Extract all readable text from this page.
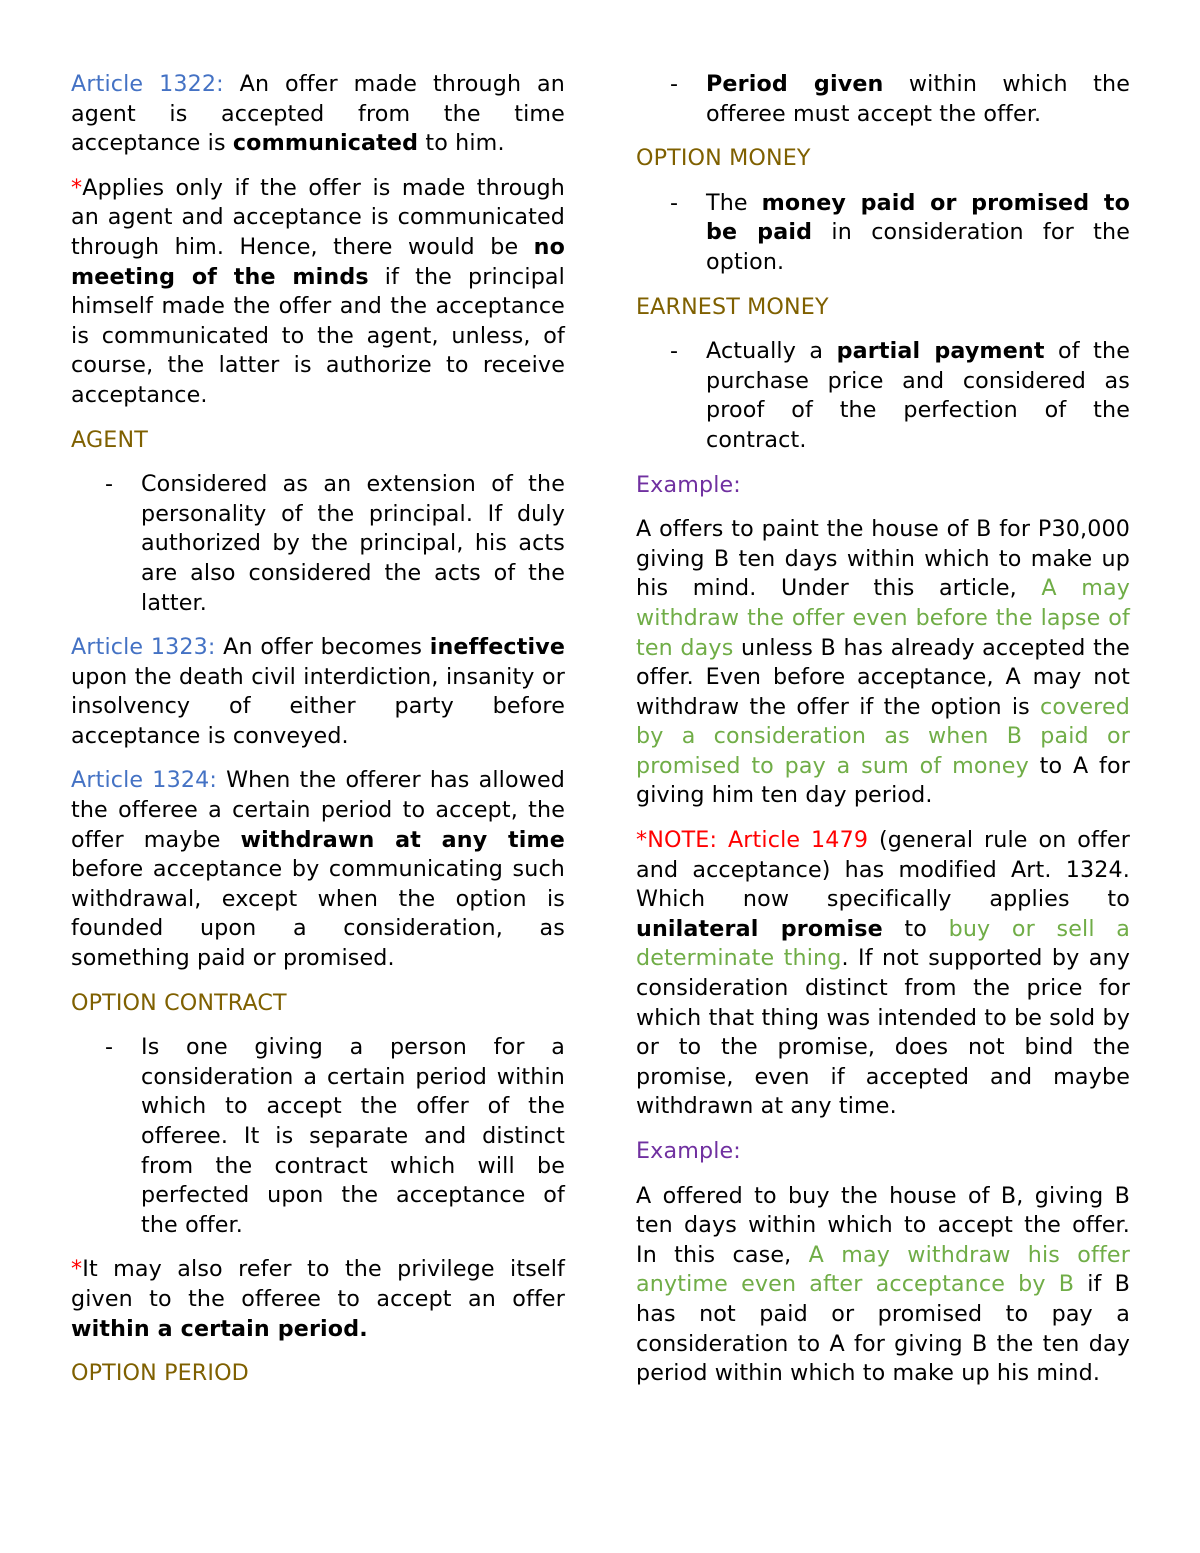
Article 1322: An offer made through an agent is accepted from the time acceptance is communicated to him.

*Applies only if the offer is made through an agent and acceptance is communicated through him. Hence, there would be no meeting of the minds if the principal himself made the offer and the acceptance is communicated to the agent, unless, of course, the latter is authorize to receive acceptance.

AGENT

- Considered as an extension of the personality of the principal. If duly authorized by the principal, his acts are also considered the acts of the latter.

Article 1323: An offer becomes ineffective upon the death civil interdiction, insanity or insolvency of either party before acceptance is conveyed.

Article 1324: When the offerer has allowed the offeree a certain period to accept, the offer maybe withdrawn at any time before acceptance by communicating such withdrawal, except when the option is founded upon a consideration, as something paid or promised.

OPTION CONTRACT

- Is one giving a person for a consideration a certain period within which to accept the offer of the offeree. It is separate and distinct from the contract which will be perfected upon the acceptance of the offer.

*It may also refer to the privilege itself given to the offeree to accept an offer within a certain period.

OPTION PERIOD

- Period given within which the offeree must accept the offer.

OPTION MONEY

- The money paid or promised to be paid in consideration for the option.

EARNEST MONEY

- Actually a partial payment of the purchase price and considered as proof of the perfection of the contract.

Example:

A offers to paint the house of B for P30,000 giving B ten days within which to make up his mind. Under this article, A may withdraw the offer even before the lapse of ten days unless B has already accepted the offer. Even before acceptance, A may not withdraw the offer if the option is covered by a consideration as when B paid or promised to pay a sum of money to A for giving him ten day period.

*NOTE: Article 1479 (general rule on offer and acceptance) has modified Art. 1324. Which now specifically applies to unilateral promise to buy or sell a determinate thing. If not supported by any consideration distinct from the price for which that thing was intended to be sold by or to the promise, does not bind the promise, even if accepted and maybe withdrawn at any time.

Example:

A offered to buy the house of B, giving B ten days within which to accept the offer. In this case, A may withdraw his offer anytime even after acceptance by B if B has not paid or promised to pay a consideration to A for giving B the ten day period within which to make up his mind.
